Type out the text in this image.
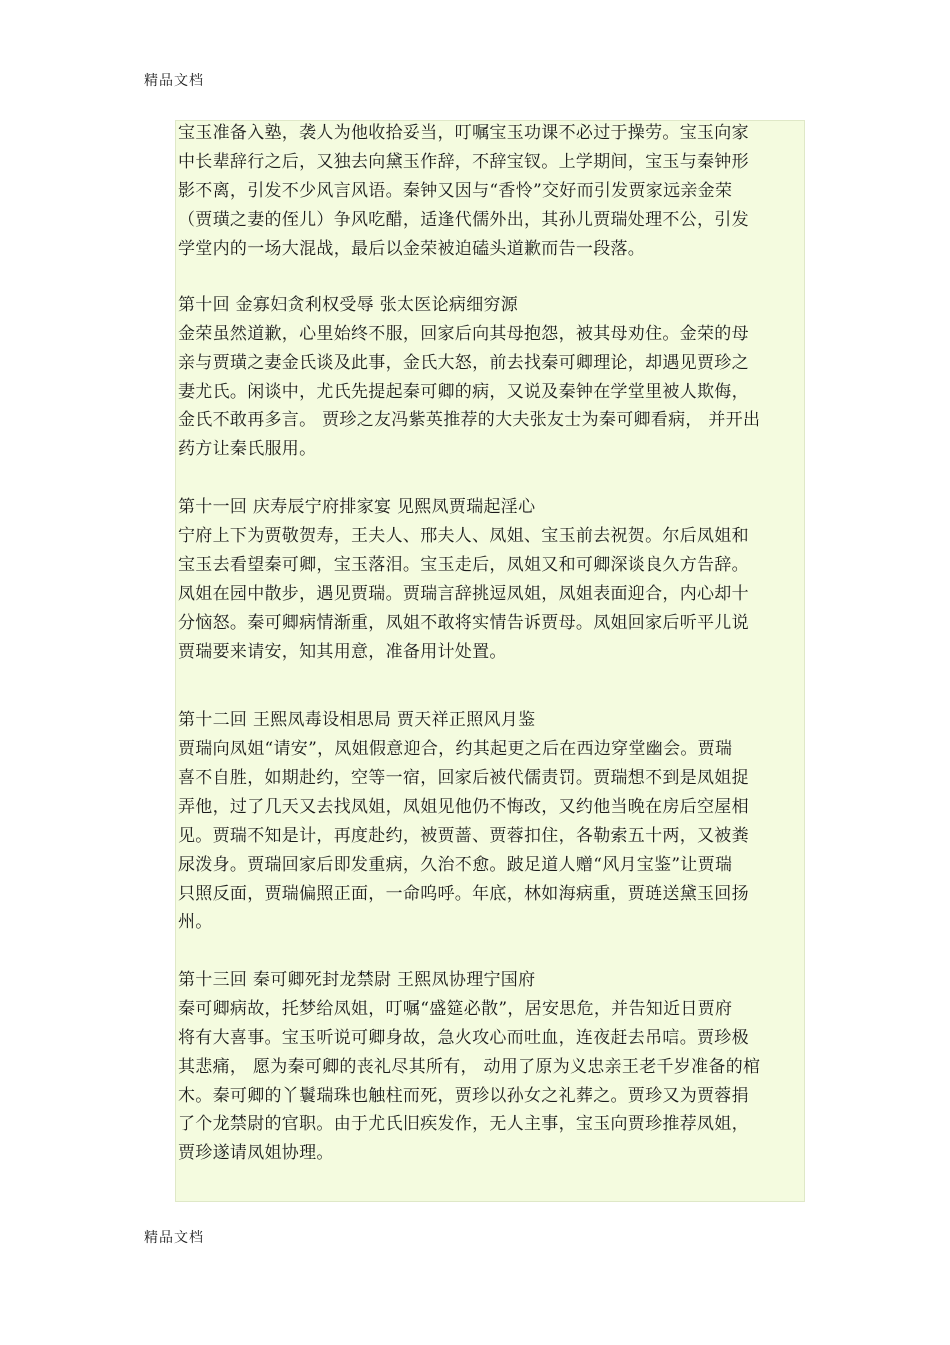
精品文档
宝玉准备入塾，袭人为他收拾妥当，叮嘱宝玉功课不必过于操劳。宝玉向家
中长辈辞行之后，又独去向黛玉作辞，不辞宝钗。上学期间，宝玉与秦钟形
影不离，引发不少风言风语。秦钟又因与“香怜”交好而引发贾家远亲金荣
（贾璜之妻的侄儿）争风吃醋，适逢代儒外出，其孙儿贾瑞处理不公，引发
学堂内的一场大混战，最后以金荣被迫磕头道歉而告一段落。
第十回 金寡妇贪利权受辱 张太医论病细穷源
金荣虽然道歉，心里始终不服，回家后向其母抱怨，被其母劝住。金荣的母
亲与贾璜之妻金氏谈及此事，金氏大怒，前去找秦可卿理论，却遇见贾珍之
妻尤氏。闲谈中，尤氏先提起秦可卿的病，又说及秦钟在学堂里被人欺侮，
金氏不敢再多言。 贾珍之友冯紫英推荐的大夫张友士为秦可卿看病， 并开出
药方让秦氏服用。
第十一回 庆寿辰宁府排家宴 见熙凤贾瑞起淫心
宁府上下为贾敬贺寿，王夫人、邢夫人、凤姐、宝玉前去祝贺。尔后凤姐和
宝玉去看望秦可卿，宝玉落泪。宝玉走后，凤姐又和可卿深谈良久方告辞。
凤姐在园中散步，遇见贾瑞。贾瑞言辞挑逗凤姐，凤姐表面迎合，内心却十
分恼怒。秦可卿病情渐重，凤姐不敢将实情告诉贾母。凤姐回家后听平儿说
贾瑞要来请安，知其用意，准备用计处置。
第十二回 王熙凤毒设相思局 贾天祥正照风月鉴
贾瑞向凤姐“请安”，凤姐假意迎合，约其起更之后在西边穿堂幽会。贾瑞
喜不自胜，如期赴约，空等一宿，回家后被代儒责罚。贾瑞想不到是凤姐捉
弄他，过了几天又去找凤姐，凤姐见他仍不悔改，又约他当晚在房后空屋相
见。贾瑞不知是计，再度赴约，被贾蔷、贾蓉扣住，各勒索五十两，又被粪
尿泼身。贾瑞回家后即发重病，久治不愈。跛足道人赠“风月宝鉴”让贾瑞
只照反面，贾瑞偏照正面，一命呜呼。年底，林如海病重，贾琏送黛玉回扬
州。
第十三回 秦可卿死封龙禁尉 王熙凤协理宁国府
秦可卿病故，托梦给凤姐，叮嘱“盛筵必散”，居安思危，并告知近日贾府
将有大喜事。宝玉听说可卿身故，急火攻心而吐血，连夜赶去吊唁。贾珍极
其悲痛， 愿为秦可卿的丧礼尽其所有， 动用了原为义忠亲王老千岁准备的棺
木。秦可卿的丫鬟瑞珠也触柱而死，贾珍以孙女之礼葬之。贾珍又为贾蓉捐
了个龙禁尉的官职。由于尤氏旧疾发作，无人主事，宝玉向贾珍推荐凤姐，
贾珍遂请凤姐协理。
精品文档
